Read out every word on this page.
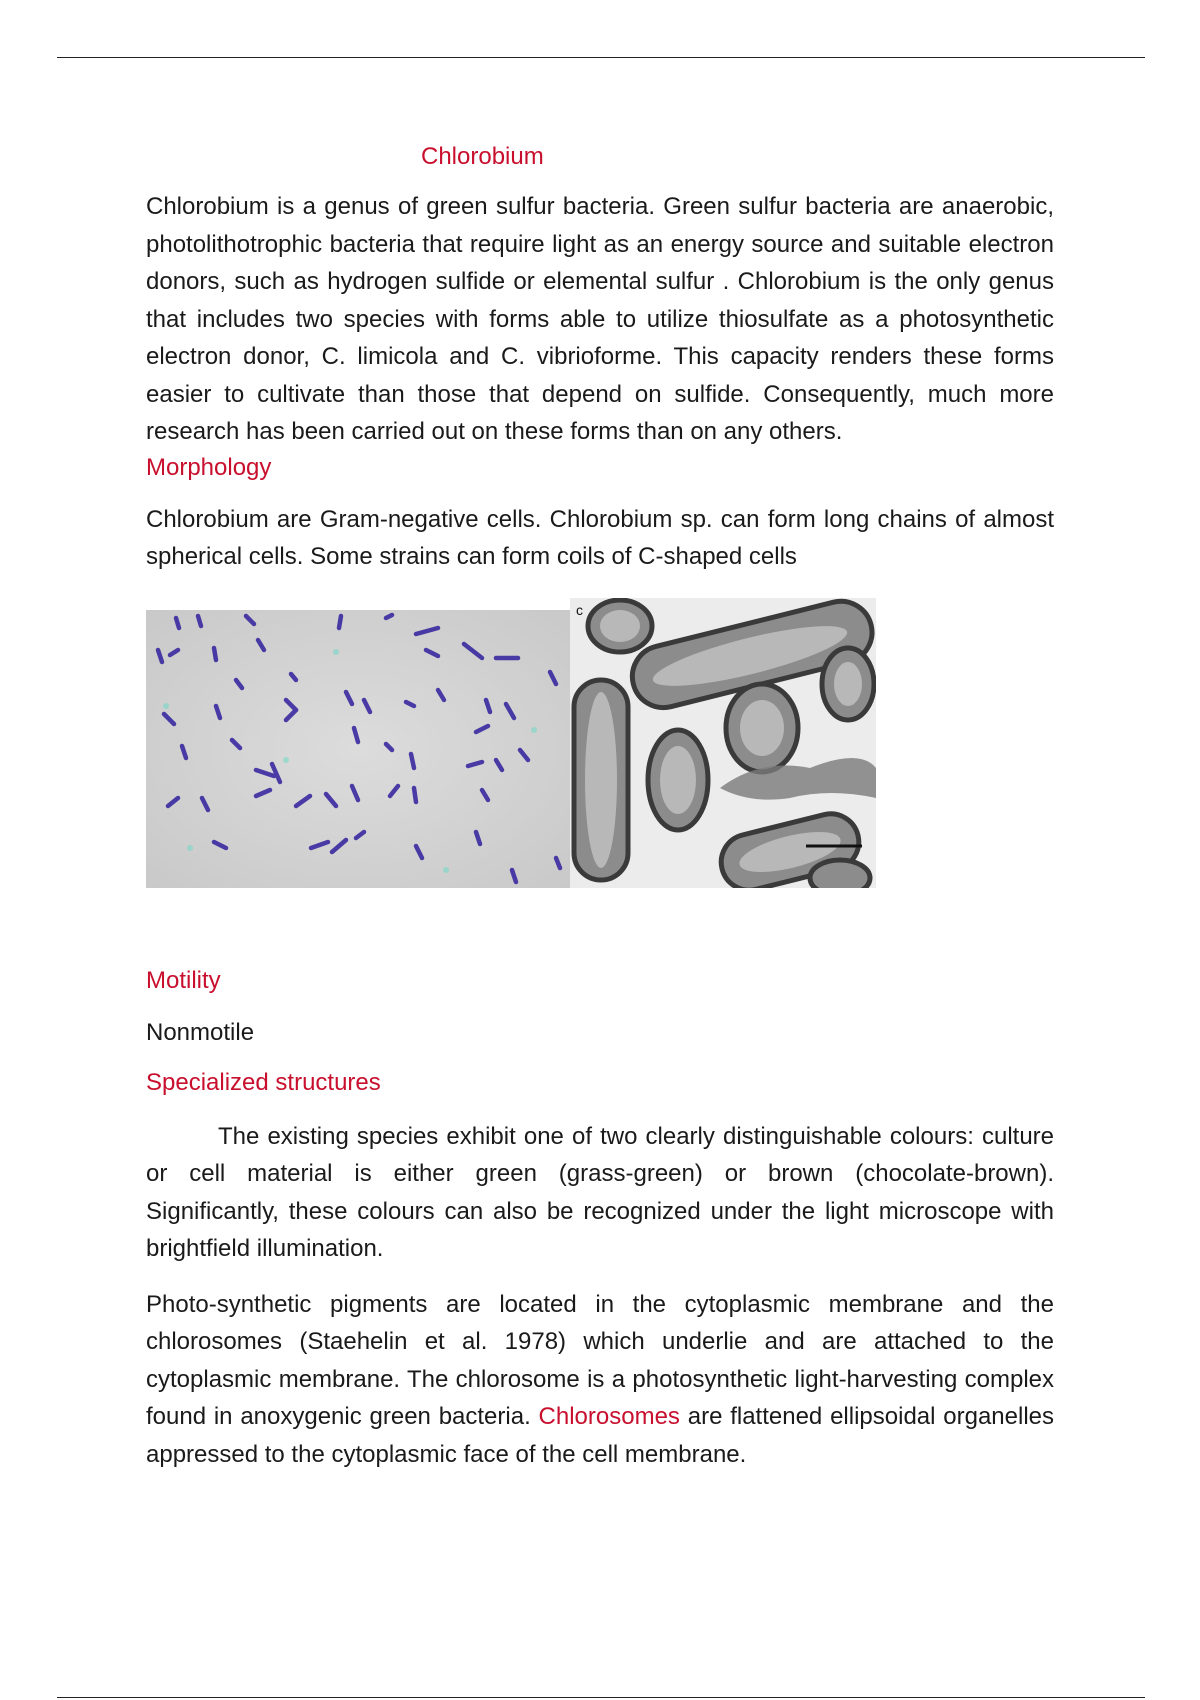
Chlorobium

Chlorobium is a genus of green sulfur bacteria. Green sulfur bacteria are anaerobic, photolithotrophic bacteria that require light as an energy source and suitable electron donors, such as hydrogen sulfide or elemental sulfur . Chlorobium is the only genus that includes two species with forms able to utilize thiosulfate as a photosynthetic electron donor, C. limicola and C. vibrioforme. This capacity renders these forms easier to cultivate than those that depend on sulfide. Consequently, much more research has been carried out on these forms than on any others.

Morphology

Chlorobium are Gram-negative cells. Chlorobium sp. can form long chains of almost spherical cells. Some strains can form coils of C-shaped cells

c
Motility

Nonmotile

Specialized structures

The existing species exhibit one of two clearly distinguishable colours: culture or cell material is either green (grass-green) or brown (chocolate-brown). Significantly, these colours can also be recognized under the light microscope with brightfield illumination.

Photo-synthetic pigments are located in the cytoplasmic membrane and the chlorosomes (Staehelin et al. 1978) which underlie and are attached to the cytoplasmic membrane. The chlorosome is a photosynthetic light-harvesting complex found in anoxygenic green bacteria. Chlorosomes are flattened ellipsoidal organelles appressed to the cytoplasmic face of the cell membrane.
